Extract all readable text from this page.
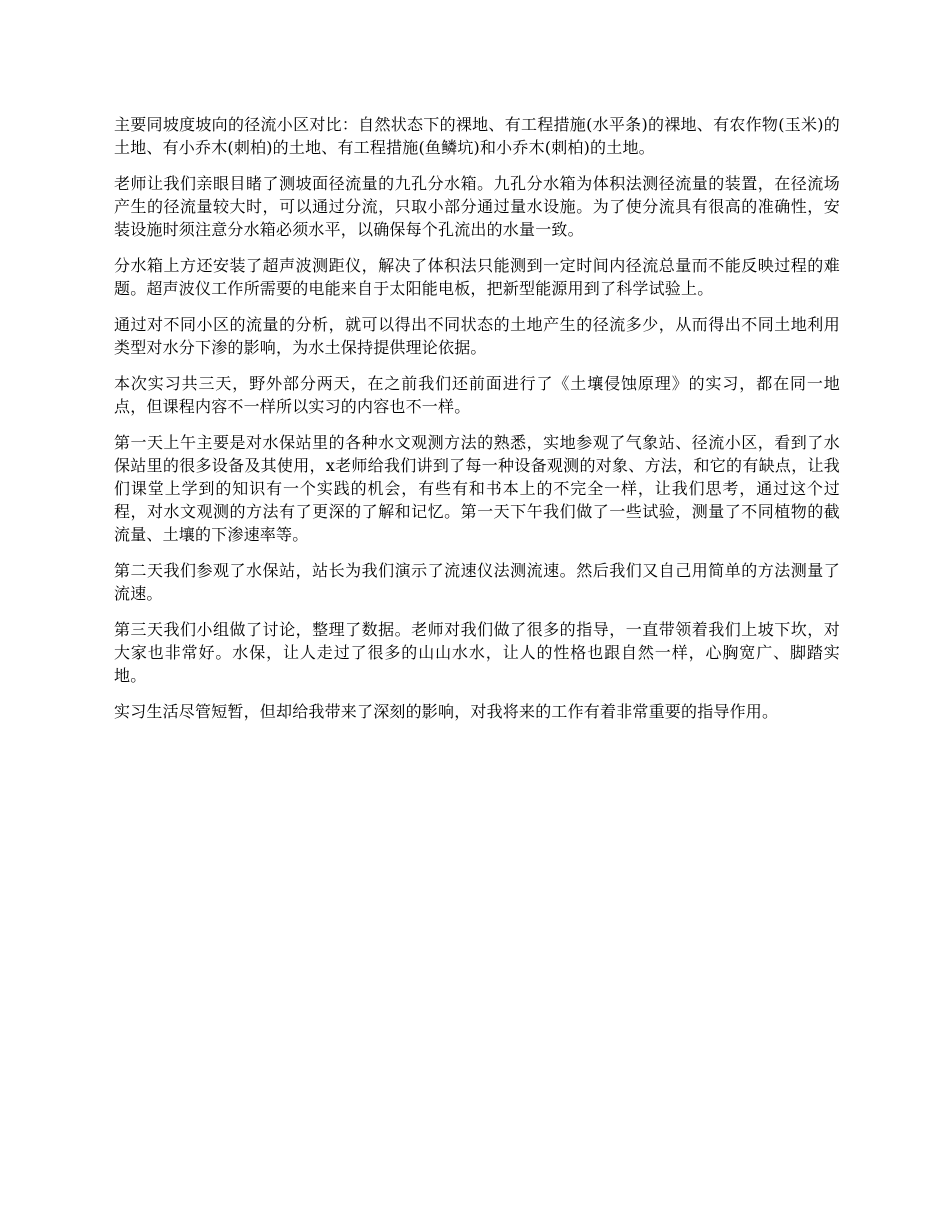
主要同坡度坡向的径流小区对比：自然状态下的裸地、有工程措施(水平条)的裸地、有农作物(玉米)的土地、有小乔木(刺柏)的土地、有工程措施(鱼鳞坑)和小乔木(刺柏)的土地。

老师让我们亲眼目睹了测坡面径流量的九孔分水箱。九孔分水箱为体积法测径流量的装置，在径流场产生的径流量较大时，可以通过分流，只取小部分通过量水设施。为了使分流具有很高的准确性，安装设施时须注意分水箱必须水平，以确保每个孔流出的水量一致。

分水箱上方还安装了超声波测距仪，解决了体积法只能测到一定时间内径流总量而不能反映过程的难题。超声波仪工作所需要的电能来自于太阳能电板，把新型能源用到了科学试验上。

通过对不同小区的流量的分析，就可以得出不同状态的土地产生的径流多少，从而得出不同土地利用类型对水分下渗的影响，为水土保持提供理论依据。

本次实习共三天，野外部分两天，在之前我们还前面进行了《土壤侵蚀原理》的实习，都在同一地点，但课程内容不一样所以实习的内容也不一样。

第一天上午主要是对水保站里的各种水文观测方法的熟悉，实地参观了气象站、径流小区，看到了水保站里的很多设备及其使用，x老师给我们讲到了每一种设备观测的对象、方法，和它的有缺点，让我们课堂上学到的知识有一个实践的机会，有些有和书本上的不完全一样，让我们思考，通过这个过程，对水文观测的方法有了更深的了解和记忆。第一天下午我们做了一些试验，测量了不同植物的截流量、土壤的下渗速率等。

第二天我们参观了水保站，站长为我们演示了流速仪法测流速。然后我们又自己用简单的方法测量了流速。

第三天我们小组做了讨论，整理了数据。老师对我们做了很多的指导，一直带领着我们上坡下坎，对大家也非常好。水保，让人走过了很多的山山水水，让人的性格也跟自然一样，心胸宽广、脚踏实地。

实习生活尽管短暂，但却给我带来了深刻的影响，对我将来的工作有着非常重要的指导作用。
